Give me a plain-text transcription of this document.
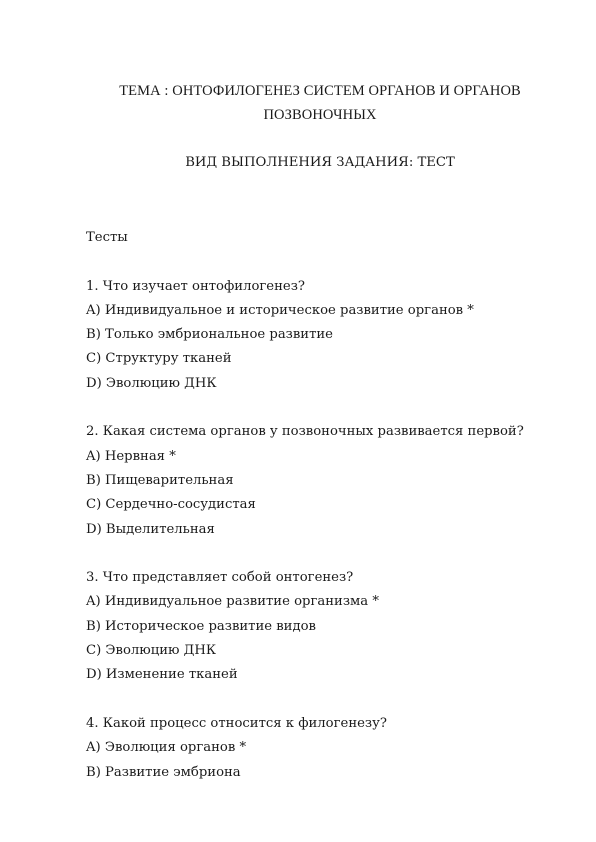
ТЕМА : ОНТОФИЛОГЕНЕЗ СИСТЕМ ОРГАНОВ И ОРГАНОВ
ПОЗВОНОЧНЫХ
ВИД ВЫПОЛНЕНИЯ ЗАДАНИЯ: ТЕСТ
Тесты
1. Что изучает онтофилогенез?
A) Индивидуальное и историческое развитие органов *
B) Только эмбриональное развитие
C) Структуру тканей
D) Эволюцию ДНК
2. Какая система органов у позвоночных развивается первой?
A) Нервная *
B) Пищеварительная
C) Сердечно-сосудистая
D) Выделительная
3. Что представляет собой онтогенез?
A) Индивидуальное развитие организма *
B) Историческое развитие видов
C) Эволюцию ДНК
D) Изменение тканей
4. Какой процесс относится к филогенезу?
A) Эволюция органов *
B) Развитие эмбриона
